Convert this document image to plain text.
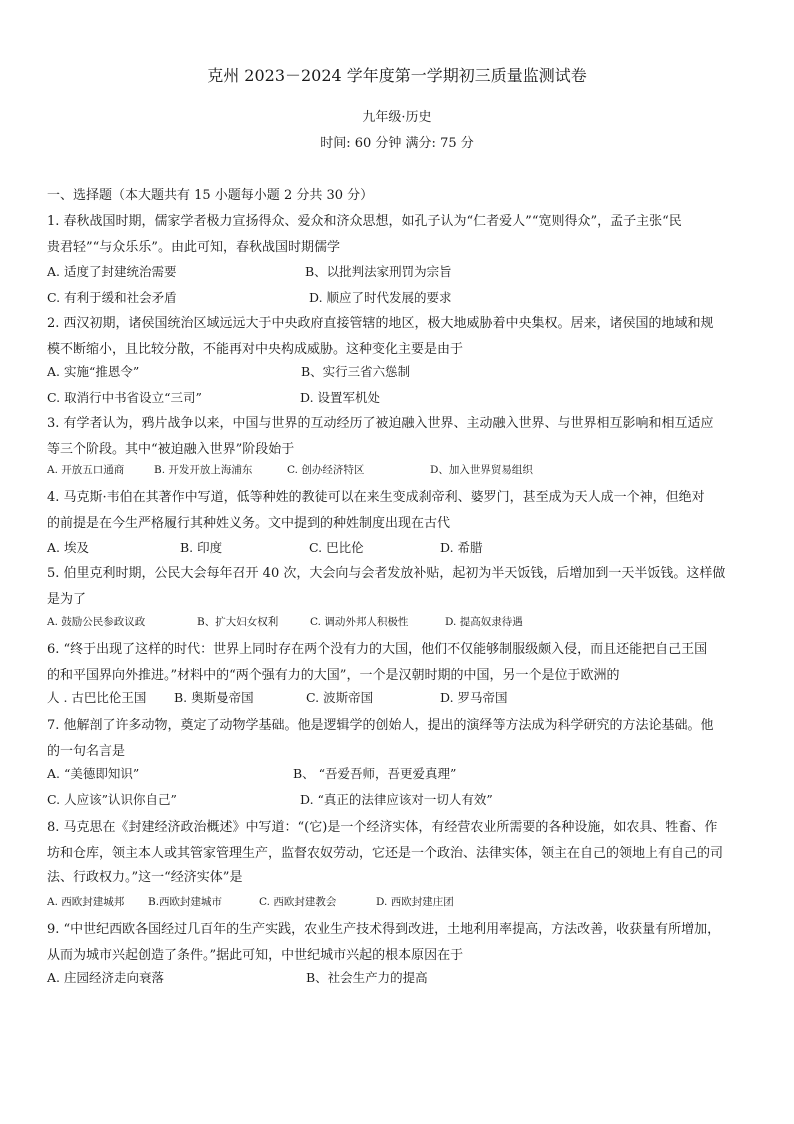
克州 2023－2024 学年度第一学期初三质量监测试卷
九年级·历史
时间: 60 分钟 满分: 75 分
一、选择题（本大题共有 15 小题每小题 2 分共 30 分）
1. 春秋战国时期，儒家学者极力宣扬得众、爱众和济众思想，如孔子认为“仁者爱人”“宽则得众”，孟子主张“民
贵君轻”“与众乐乐”。由此可知，春秋战国时期儒学
A. 适度了封建统治需要	B、以批判法家刑罚为宗旨
C. 有利于缓和社会矛盾	D. 顺应了时代发展的要求
2. 西汉初期，诸侯国统治区域远远大于中央政府直接管辖的地区，极大地威胁着中央集权。居来，诸侯国的地域和规
模不断缩小，且比较分散，不能再对中央构成威胁。这种变化主要是由于
A. 实施“推恩令”	B、实行三省六慫制
C. 取消行中书省设立“三司”	D. 设置军机处
3. 有学者认为，鸦片战争以来，中国与世界的互动经历了被迫融入世界、主动融入世界、与世界相互影响和相互适应
等三个阶段。其中“被迫融入世界”阶段始于
A. 开放五口通商	B. 开发开放上海浦东	C. 创办经济特区	D、加入世界贸易组织
4. 马克斯·韦伯在其著作中写道，低等种姓的教徒可以在来生变成刹帝利、婆罗门，甚至成为天人成一个神，但绝对
的前提是在今生严格履行其种姓义务。文中提到的种姓制度出现在古代
A. 埃及	B. 印度	C. 巴比伦	D. 希腊
5. 伯里克利时期，公民大会每年召开 40 次，大会向与会者发放补贴，起初为半天饭钱，后增加到一天半饭钱。这样做
是为了
A. 鼓励公民参政议政	B、扩大妇女权利	C. 调动外邦人积极性	D. 提高奴隶待遇
6. “终于出现了这样的时代：世界上同时存在两个没有力的大国，他们不仅能够制服级颇入侵，而且还能把自己王国
的和平国界向外推进。”材料中的“两个强有力的大国”，一个是汉朝时期的中国，另一个是位于欧洲的
人 . 古巴比伦王国 B. 奥斯曼帝国	C. 波斯帝国	D. 罗马帝国
7. 他解剖了许多动物，奠定了动物学基础。他是逻辑学的创始人，提出的演绎等方法成为科学研究的方法论基础。他
的一句名言是
A. “美德即知识”	B、 “吾爱吾师，吾更爱真理”
C. 人应该”认识你自己”	D. “真正的法律应该对一切人有效”
8. 马克思在《封建经济政治概述》中写道：“(它)是一个经济实体，有经营农业所需要的各种设施，如农具、牲畜、作
坊和仓库，领主本人或其管家管理生产，监督农奴劳动，它还是一个政治、法律实体，领主在自己的领地上有自己的司
法、行政权力。”这一“经济实体”是
A. 西欧封建城邦 B.西欧封建城市	C. 西欧封建教会	D. 西欧封建庄团
9. “中世纪西欧各国经过几百年的生产实践，农业生产技术得到改进，土地利用率提高，方法改善，收获量有所增加，
从而为城市兴起创造了条件。”据此可知，中世纪城市兴起的根本原因在于
A. 庄园经济走向衰落	B、社会生产力的提高
